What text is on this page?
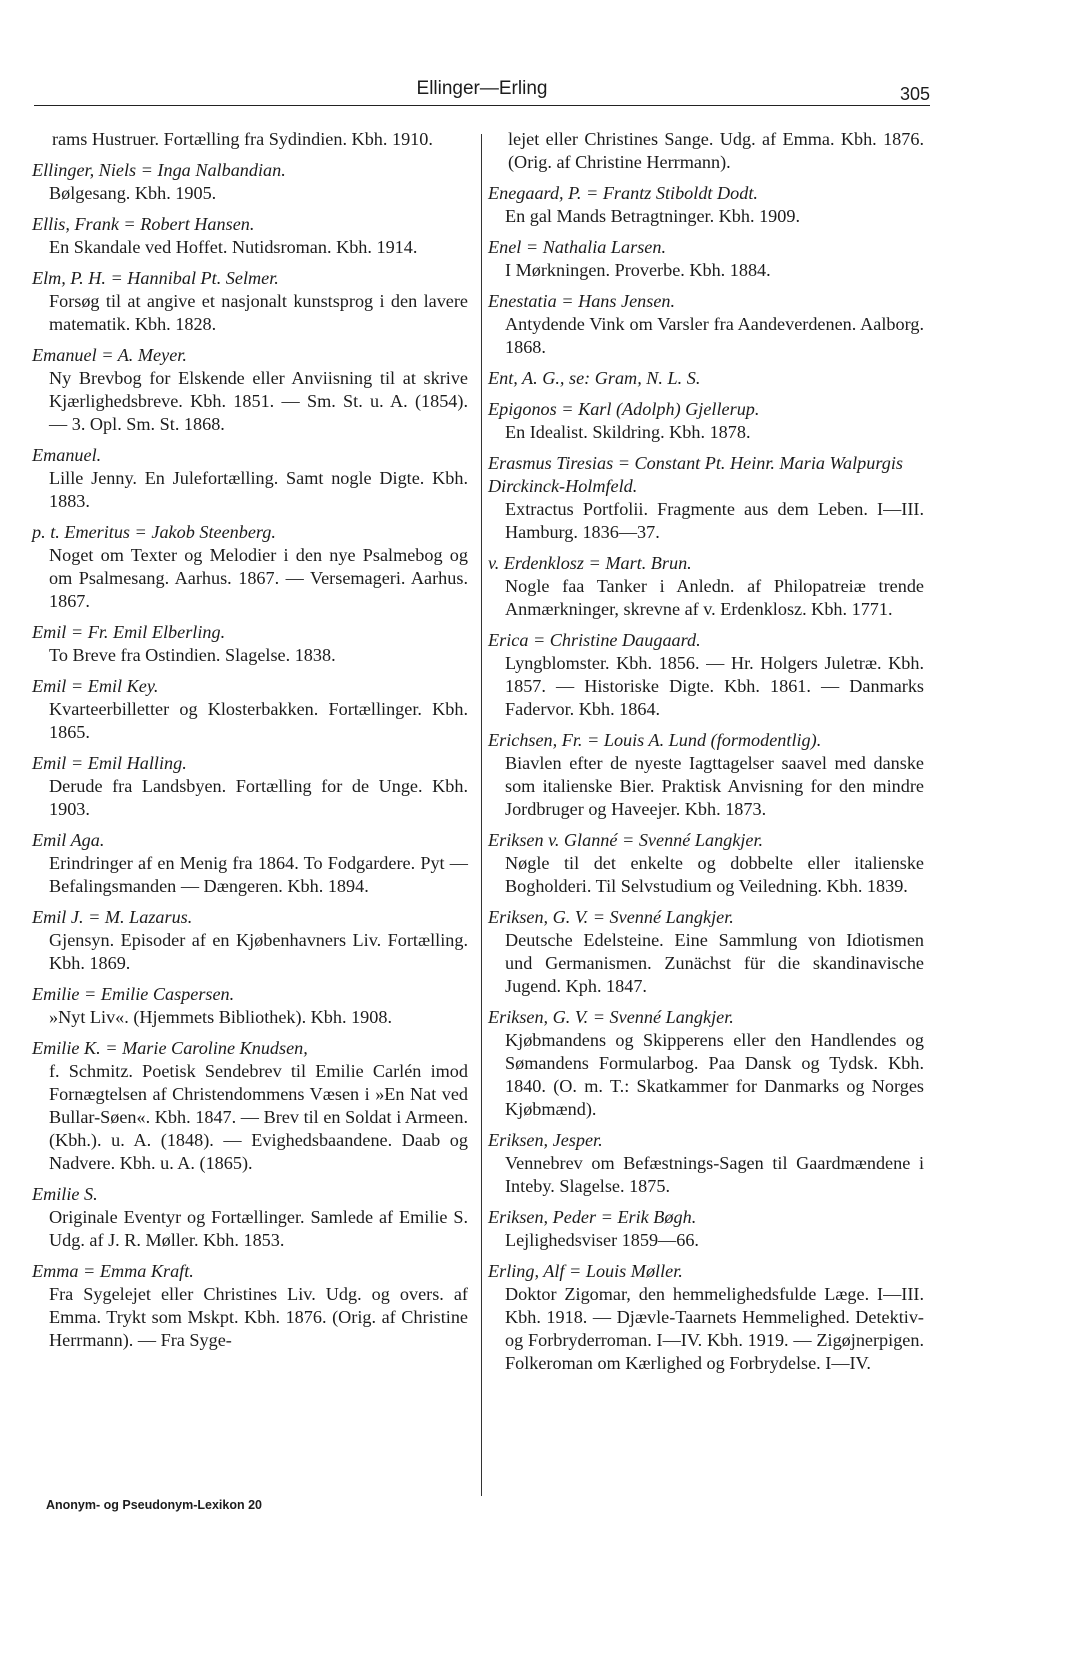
Ellinger—Erling	305
rams Hustruer. Fortælling fra Sydindien. Kbh. 1910.
Ellinger, Niels = Inga Nalbandian.
Bølgesang. Kbh. 1905.
Ellis, Frank = Robert Hansen.
En Skandale ved Hoffet. Nutidsroman. Kbh. 1914.
Elm, P. H. = Hannibal Pt. Selmer.
Forsøg til at angive et nasjonalt kunstsprog i den lavere matematik. Kbh. 1828.
Emanuel = A. Meyer.
Ny Brevbog for Elskende eller Anviisning til at skrive Kjærlighedsbreve. Kbh. 1851. — Sm. St. u. A. (1854). — 3. Opl. Sm. St. 1868.
Emanuel.
Lille Jenny. En Julefortælling. Samt nogle Digte. Kbh. 1883.
p. t. Emeritus = Jakob Steenberg.
Noget om Texter og Melodier i den nye Psalmebog og om Psalmesang. Aarhus. 1867. — Versemageri. Aarhus. 1867.
Emil = Fr. Emil Elberling.
To Breve fra Ostindien. Slagelse. 1838.
Emil = Emil Key.
Kvarteerbilletter og Klosterbakken. Fortællinger. Kbh. 1865.
Emil = Emil Halling.
Derude fra Landsbyen. Fortælling for de Unge. Kbh. 1903.
Emil Aga.
Erindringer af en Menig fra 1864. To Fodgardere. Pyt — Befalingsmanden — Dængeren. Kbh. 1894.
Emil J. = M. Lazarus.
Gjensyn. Episoder af en Kjøbenhavners Liv. Fortælling. Kbh. 1869.
Emilie = Emilie Caspersen.
»Nyt Liv«. (Hjemmets Bibliothek). Kbh. 1908.
Emilie K. = Marie Caroline Knudsen,
f. Schmitz. Poetisk Sendebrev til Emilie Carlén imod Fornægtelsen af Christendommens Væsen i »En Nat ved Bullar-Søen«. Kbh. 1847. — Brev til en Soldat i Armeen. (Kbh.). u. A. (1848). — Evighedsbaandene. Daab og Nadvere. Kbh. u. A. (1865).
Emilie S.
Originale Eventyr og Fortællinger. Samlede af Emilie S. Udg. af J. R. Møller. Kbh. 1853.
Emma = Emma Kraft.
Fra Sygelejet eller Christines Liv. Udg. og overs. af Emma. Trykt som Mskpt. Kbh. 1876. (Orig. af Christine Herrmann). — Fra Syge-
lejet eller Christines Sange. Udg. af Emma. Kbh. 1876. (Orig. af Christine Herrmann).
Enegaard, P. = Frantz Stiboldt Dodt.
En gal Mands Betragtninger. Kbh. 1909.
Enel = Nathalia Larsen.
I Mørkningen. Proverbe. Kbh. 1884.
Enestatia = Hans Jensen.
Antydende Vink om Varsler fra Aandeverdenen. Aalborg. 1868.
Ent, A. G., se: Gram, N. L. S.
Epigonos = Karl (Adolph) Gjellerup.
En Idealist. Skildring. Kbh. 1878.
Erasmus Tiresias = Constant Pt. Heinr. Maria Walpurgis Dirckinck-Holmfeld.
Extractus Portfolii. Fragmente aus dem Leben. I—III. Hamburg. 1836—37.
v. Erdenklosz = Mart. Brun.
Nogle faa Tanker i Anledn. af Philopatreiæ trende Anmærkninger, skrevne af v. Erdenklosz. Kbh. 1771.
Erica = Christine Daugaard.
Lyngblomster. Kbh. 1856. — Hr. Holgers Juletræ. Kbh. 1857. — Historiske Digte. Kbh. 1861. — Danmarks Fadervor. Kbh. 1864.
Erichsen, Fr. = Louis A. Lund (formodentlig).
Biavlen efter de nyeste Iagttagelser saavel med danske som italienske Bier. Praktisk Anvisning for den mindre Jordbruger og Haveejer. Kbh. 1873.
Eriksen v. Glanné = Svenné Langkjer.
Nøgle til det enkelte og dobbelte eller italienske Bogholderi. Til Selvstudium og Veiledning. Kbh. 1839.
Eriksen, G. V. = Svenné Langkjer.
Deutsche Edelsteine. Eine Sammlung von Idiotismen und Germanismen. Zunächst für die skandinavische Jugend. Kph. 1847.
Eriksen, G. V. = Svenné Langkjer.
Kjøbmandens og Skipperens eller den Handlendes og Sømandens Formularbog. Paa Dansk og Tydsk. Kbh. 1840. (O. m. T.: Skatkammer for Danmarks og Norges Kjøbmænd).
Eriksen, Jesper.
Vennebrev om Befæstnings-Sagen til Gaardmændene i Inteby. Slagelse. 1875.
Eriksen, Peder = Erik Bøgh.
Lejlighedsviser 1859—66.
Erling, Alf = Louis Møller.
Doktor Zigomar, den hemmelighedsfulde Læge. I—III. Kbh. 1918. — Djævle-Taarnets Hemmelighed. Detektiv- og Forbryderroman. I—IV. Kbh. 1919. — Zigøjnerpigen. Folkeroman om Kærlighed og Forbrydelse. I—IV.
Anonym- og Pseudonym-Lexikon 20
